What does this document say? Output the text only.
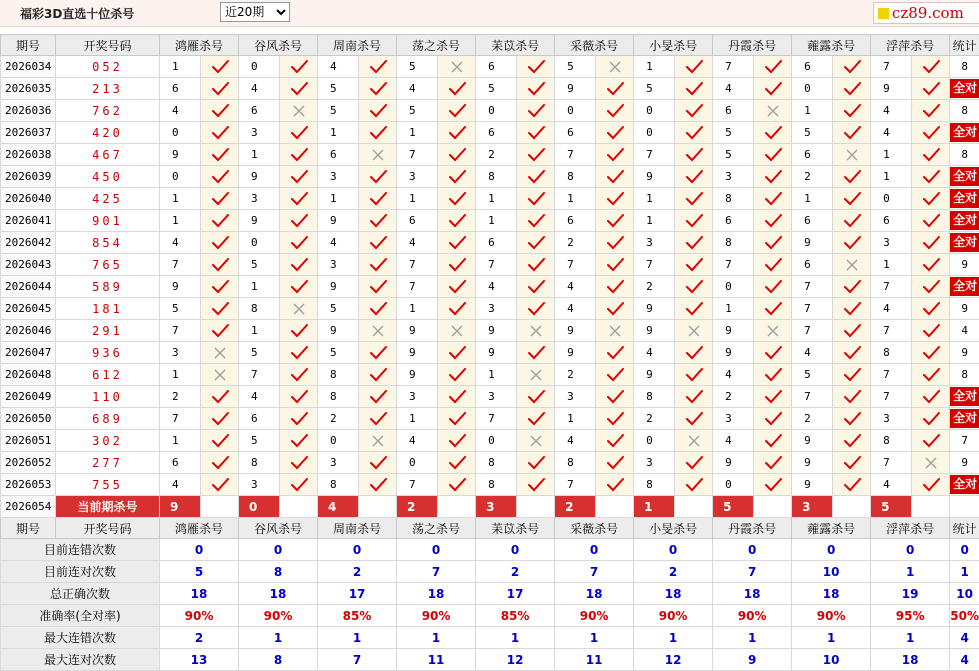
福彩3D直选十位杀号
近20期	cz89.com
期号	开奖号码	鸿雁杀号		谷风杀号		周南杀号		荡之杀号		苿苡杀号		采薇杀号		小旻杀号		丹霞杀号		蕹露杀号		浮萍杀号		统计
2026034	052	1		0		4		5		6		5		1		7		6		7		8
2026035	213	6		4		5		4		5		9		5		4		0		9		全对
2026036	762	4		6		5		5		0		0		0		6		1		4		8
2026037	420	0		3		1		1		6		6		0		5		5		4		全对
2026038	467	9		1		6		7		2		7		7		5		6		1		8
2026039	450	0		9		3		3		8		8		9		3		2		1		全对
2026040	425	1		3		1		1		1		1		1		8		1		0		全对
2026041	901	1		9		9		6		1		6		1		6		6		6		全对
2026042	854	4		0		4		4		6		2		3		8		9		3		全对
2026043	765	7		5		3		7		7		7		7		7		6		1		9
2026044	589	9		1		9		7		4		4		2		0		7		7		全对
2026045	181	5		8		5		1		3		4		9		1		7		4		9
2026046	291	7		1		9		9		9		9		9		9		7		7		4
2026047	936	3		5		5		9		9		9		4		9		4		8		9
2026048	612	1		7		8		9		1		2		9		4		5		7		8
2026049	110	2		4		8		3		3		3		8		2		7		7		全对
2026050	689	7		6		2		1		7		1		2		3		2		3		全对
2026051	302	1		5		0		4		0		4		0		4		9		8		7
2026052	277	6		8		3		0		8		8		3		9		9		7		9
2026053	755	4		3		8		7		8		7		8		0		9		4		全对
2026054	当前期杀号	9		0		4		2		3		2		1		5		3		5		
期号	开奖号码	鸿雁杀号		谷风杀号		周南杀号		荡之杀号		苿苡杀号		采薇杀号		小旻杀号		丹霞杀号		蕹露杀号		浮萍杀号		统计
目前连错次数		0		0		0		0		0		0		0		0		0		0		0
目前连对次数		5		8		2		7		2		7		2		7		10		1		1
总正确次数		18		18		17		18		17		18		18		18		18		19		10
准确率(全对率)		90%		90%		85%		90%		85%		90%		90%		90%		90%		95%		50%
最大连错次数		2		1		1		1		1		1		1		1		1		1		4
最大连对次数		13		8		7		11		12		11		12		9		10		18		4
